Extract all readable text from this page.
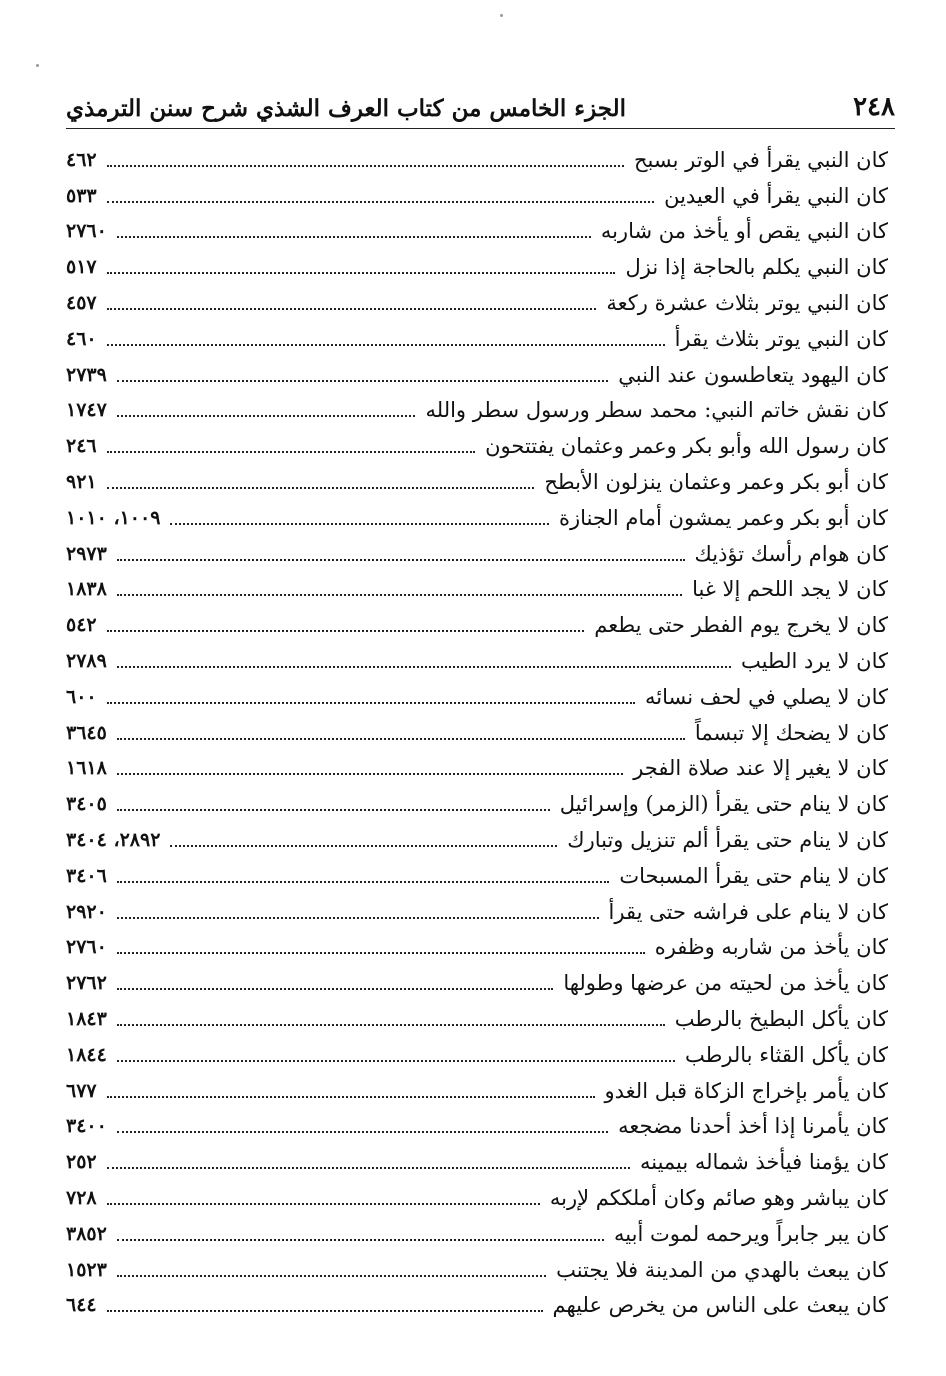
٢٤٨
الجزء الخامس من كتاب العرف الشذي شرح سنن الترمذي
كان النبي يقرأ في الوتر بسبح
٤٦٢
كان النبي يقرأ في العيدين
٥٣٣
كان النبي يقص أو يأخذ من شاربه
٢٧٦٠
كان النبي يكلم بالحاجة إذا نزل
٥١٧
كان النبي يوتر بثلاث عشرة ركعة
٤٥٧
كان النبي يوتر بثلاث يقرأ
٤٦٠
كان اليهود يتعاطسون عند النبي
٢٧٣٩
كان نقش خاتم النبي: محمد سطر ورسول سطر والله
١٧٤٧
كان رسول الله وأبو بكر وعمر وعثمان يفتتحون
٢٤٦
كان أبو بكر وعمر وعثمان ينزلون الأبطح
٩٢١
كان أبو بكر وعمر يمشون أمام الجنازة
١٠٠٩، ١٠١٠
كان هوام رأسك تؤذيك
٢٩٧٣
كان لا يجد اللحم إلا غبا
١٨٣٨
كان لا يخرج يوم الفطر حتى يطعم
٥٤٢
كان لا يرد الطيب
٢٧٨٩
كان لا يصلي في لحف نسائه
٦٠٠
كان لا يضحك إلا تبسماً
٣٦٤٥
كان لا يغير إلا عند صلاة الفجر
١٦١٨
كان لا ينام حتى يقرأ (الزمر) وإسرائيل
٣٤٠٥
كان لا ينام حتى يقرأ ألم تنزيل وتبارك
٢٨٩٢، ٣٤٠٤
كان لا ينام حتى يقرأ المسبحات
٣٤٠٦
كان لا ينام على فراشه حتى يقرأ
٢٩٢٠
كان يأخذ من شاربه وظفره
٢٧٦٠
كان يأخذ من لحيته من عرضها وطولها
٢٧٦٢
كان يأكل البطيخ بالرطب
١٨٤٣
كان يأكل القثاء بالرطب
١٨٤٤
كان يأمر بإخراج الزكاة قبل الغدو
٦٧٧
كان يأمرنا إذا أخذ أحدنا مضجعه
٣٤٠٠
كان يؤمنا فيأخذ شماله بيمينه
٢٥٢
كان يباشر وهو صائم وكان أملككم لإربه
٧٢٨
كان يبر جابراً ويرحمه لموت أبيه
٣٨٥٢
كان يبعث بالهدي من المدينة فلا يجتنب
١٥٢٣
كان يبعث على الناس من يخرص عليهم
٦٤٤
